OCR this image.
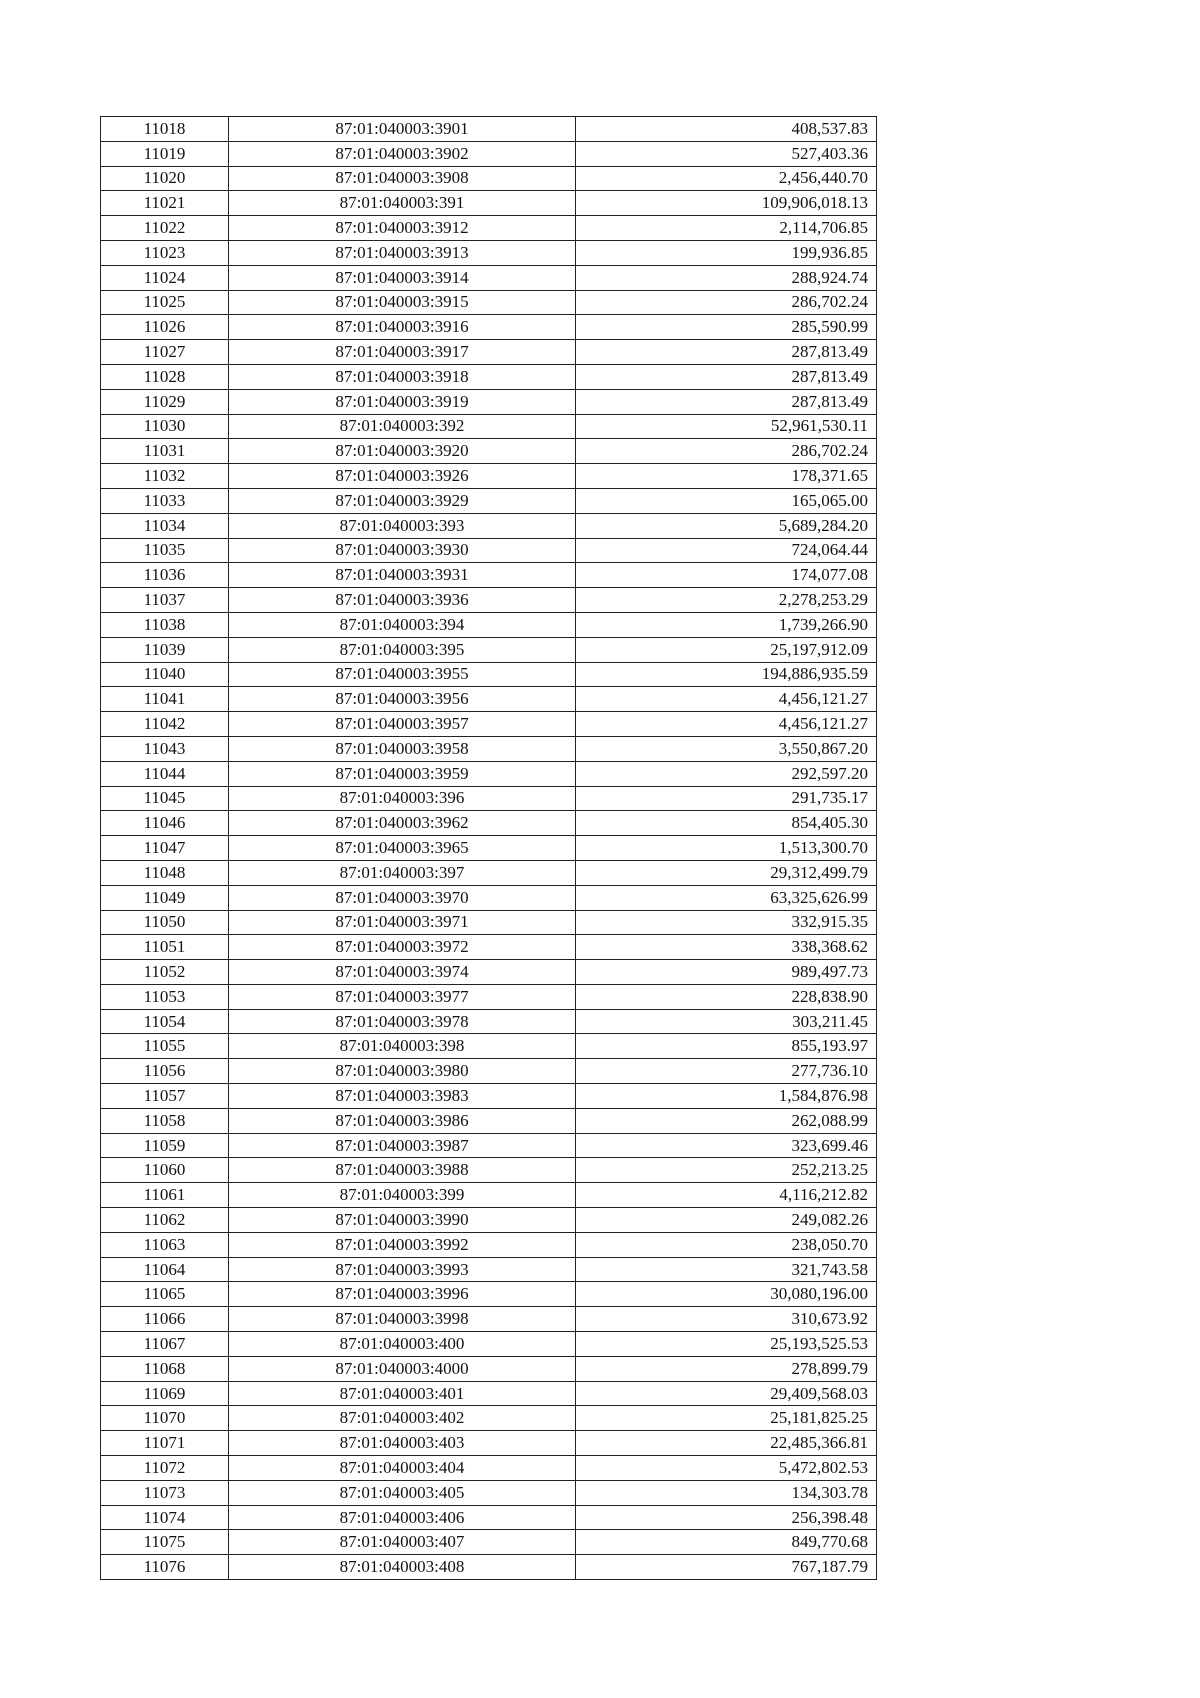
11018	87:01:040003:3901	408,537.83
11019	87:01:040003:3902	527,403.36
11020	87:01:040003:3908	2,456,440.70
11021	87:01:040003:391	109,906,018.13
11022	87:01:040003:3912	2,114,706.85
11023	87:01:040003:3913	199,936.85
11024	87:01:040003:3914	288,924.74
11025	87:01:040003:3915	286,702.24
11026	87:01:040003:3916	285,590.99
11027	87:01:040003:3917	287,813.49
11028	87:01:040003:3918	287,813.49
11029	87:01:040003:3919	287,813.49
11030	87:01:040003:392	52,961,530.11
11031	87:01:040003:3920	286,702.24
11032	87:01:040003:3926	178,371.65
11033	87:01:040003:3929	165,065.00
11034	87:01:040003:393	5,689,284.20
11035	87:01:040003:3930	724,064.44
11036	87:01:040003:3931	174,077.08
11037	87:01:040003:3936	2,278,253.29
11038	87:01:040003:394	1,739,266.90
11039	87:01:040003:395	25,197,912.09
11040	87:01:040003:3955	194,886,935.59
11041	87:01:040003:3956	4,456,121.27
11042	87:01:040003:3957	4,456,121.27
11043	87:01:040003:3958	3,550,867.20
11044	87:01:040003:3959	292,597.20
11045	87:01:040003:396	291,735.17
11046	87:01:040003:3962	854,405.30
11047	87:01:040003:3965	1,513,300.70
11048	87:01:040003:397	29,312,499.79
11049	87:01:040003:3970	63,325,626.99
11050	87:01:040003:3971	332,915.35
11051	87:01:040003:3972	338,368.62
11052	87:01:040003:3974	989,497.73
11053	87:01:040003:3977	228,838.90
11054	87:01:040003:3978	303,211.45
11055	87:01:040003:398	855,193.97
11056	87:01:040003:3980	277,736.10
11057	87:01:040003:3983	1,584,876.98
11058	87:01:040003:3986	262,088.99
11059	87:01:040003:3987	323,699.46
11060	87:01:040003:3988	252,213.25
11061	87:01:040003:399	4,116,212.82
11062	87:01:040003:3990	249,082.26
11063	87:01:040003:3992	238,050.70
11064	87:01:040003:3993	321,743.58
11065	87:01:040003:3996	30,080,196.00
11066	87:01:040003:3998	310,673.92
11067	87:01:040003:400	25,193,525.53
11068	87:01:040003:4000	278,899.79
11069	87:01:040003:401	29,409,568.03
11070	87:01:040003:402	25,181,825.25
11071	87:01:040003:403	22,485,366.81
11072	87:01:040003:404	5,472,802.53
11073	87:01:040003:405	134,303.78
11074	87:01:040003:406	256,398.48
11075	87:01:040003:407	849,770.68
11076	87:01:040003:408	767,187.79
